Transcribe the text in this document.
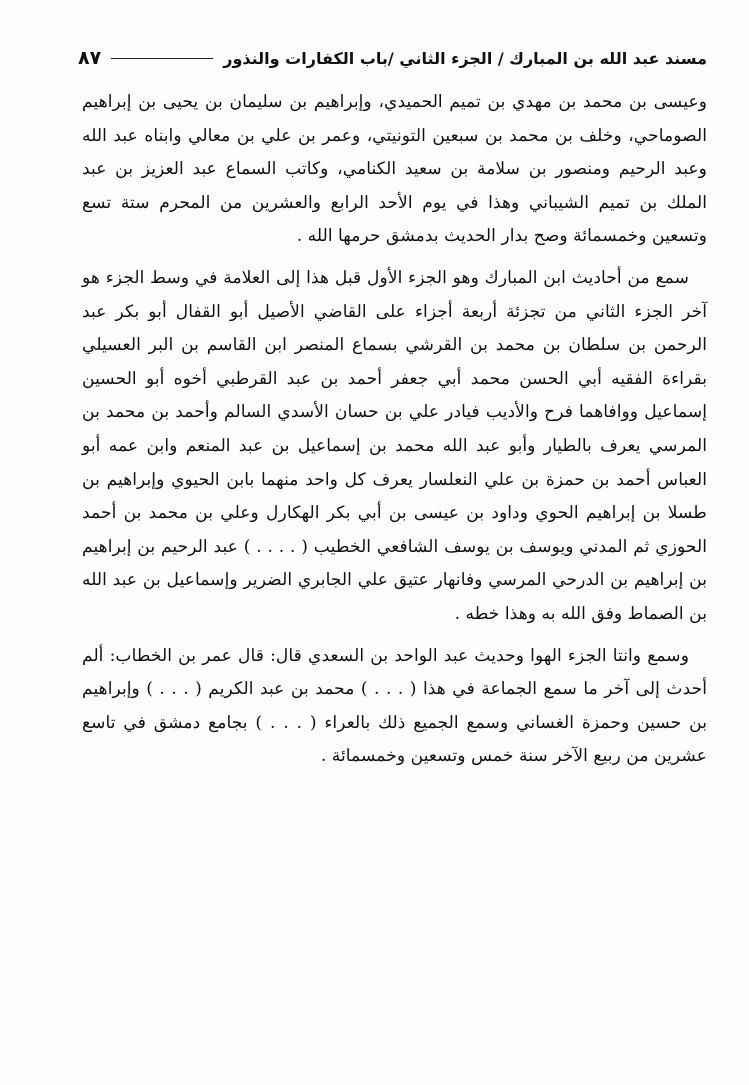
٨٧	مسند عبد الله بن المبارك / الجزء الثاني /باب الكفارات والنذور

وعيسى بن محمد بن مهدي بن تميم الحميدي، وإبراهيم بن سليمان بن يحيى بن إبراهيم الصوماحي، وخلف بن محمد بن سبعين التونيتي، وعمر بن علي بن معالي وابناه عبد الله وعبد الرحيم ومنصور بن سلامة بن سعيد الكنامي، وكاتب السماع عبد العزيز بن عبد الملك بن تميم الشيباني وهذا في يوم الأحد الرابع والعشرين من المحرم ستة تسع وتسعين وخمسمائة وصح بدار الحديث بدمشق حرمها الله .

سمع من أحاديث ابن المبارك وهو الجزء الأول قبل هذا إلى العلامة في وسط الجزء هو آخر الجزء الثاني من تجزئة أربعة أجزاء على القاضي الأصيل أبو القفال أبو بكر عبد الرحمن بن سلطان بن محمد بن القرشي بسماع المنصر ابن القاسم بن البر العسيلي بقراءة الفقيه أبي الحسن محمد أبي جعفر أحمد بن عبد القرطبي أخوه أبو الحسين إسماعيل ووافاهما فرح والأديب فيادر علي بن حسان الأسدي السالم وأحمد بن محمد بن المرسي يعرف بالطيار وأبو عبد الله محمد بن إسماعيل بن عبد المنعم وابن عمه أبو العباس أحمد بن حمزة بن علي النعلسار يعرف كل واحد منهما بابن الحيوي وإبراهيم بن طسلا بن إبراهيم الحوي وداود بن عيسى بن أبي بكر الهكارل وعلي بن محمد بن أحمد الحوزي ثم المدني ويوسف بن يوسف الشافعي الخطيب ( . . . . ) عبد الرحيم بن إبراهيم بن إبراهيم بن الدرحي المرسي وفانهار عتيق علي الجابري الضرير وإسماعيل بن عبد الله بن الصماط وفق الله به وهذا خطه .

وسمع وانتا الجزء الهوا وحديث عبد الواحد بن السعدي قال: قال عمر بن الخطاب: ألم أحدث إلى آخر ما سمع الجماعة في هذا ( . . . ) محمد بن عبد الكريم ( . . . ) وإبراهيم بن حسين وحمزة الغساني وسمع الجميع ذلك بالعراء ( . . . ) بجامع دمشق في تاسع عشرين من ربيع الآخر سنة خمس وتسعين وخمسمائة .
